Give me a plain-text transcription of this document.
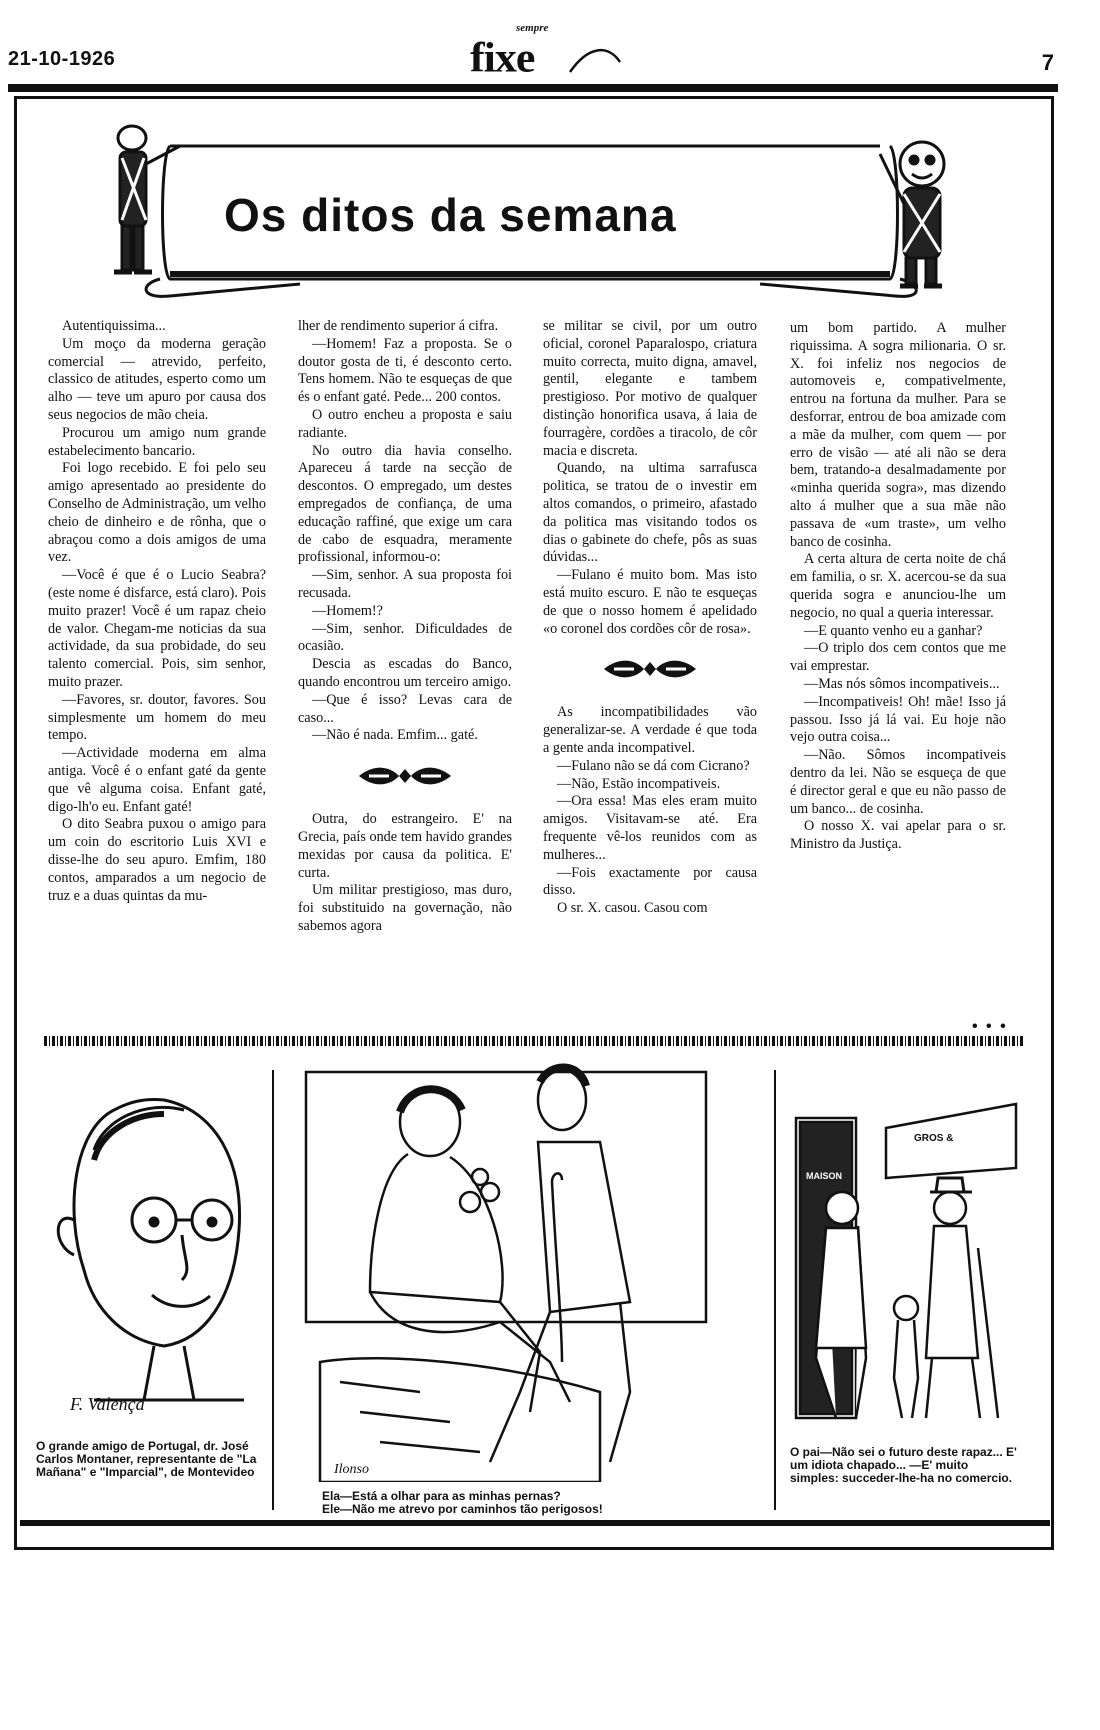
21-10-1926
sempre
fixe	7
Os ditos da semana

Autentiquissima...

Um moço da moderna geração comercial — atrevido, perfeito, classico de atitudes, esperto como um alho — teve um apuro por causa dos seus negocios de mão cheia.

Procurou um amigo num grande estabelecimento bancario.

Foi logo recebido. E foi pelo seu amigo apresentado ao presidente do Conselho de Administração, um velho cheio de dinheiro e de rônha, que o abraçou como a dois amigos de uma vez.

—Você é que é o Lucio Seabra? (este nome é disfarce, está claro). Pois muito prazer! Você é um rapaz cheio de valor. Chegam-me noticias da sua actividade, da sua probidade, do seu talento comercial. Pois, sim senhor, muito prazer.

—Favores, sr. doutor, favores. Sou simplesmente um homem do meu tempo.

—Actividade moderna em alma antiga. Você é o enfant gaté da gente que vê alguma coisa. Enfant gaté, digo-lh'o eu. Enfant gaté!

O dito Seabra puxou o amigo para um coin do escritorio Luis XVI e disse-lhe do seu apuro. Emfim, 180 contos, amparados a um negocio de truz e a duas quintas da mu-

lher de rendimento superior á cifra.

—Homem! Faz a proposta. Se o doutor gosta de ti, é desconto certo. Tens homem. Não te esqueças de que és o enfant gaté. Pede... 200 contos.

O outro encheu a proposta e saiu radiante.

No outro dia havia conselho. Apareceu á tarde na secção de descontos. O empregado, um destes empregados de confiança, de uma educação raffiné, que exige um cara de cabo de esquadra, meramente profissional, informou-o:

—Sim, senhor. A sua proposta foi recusada.

—Homem!?

—Sim, senhor. Dificuldades de ocasião.

Descia as escadas do Banco, quando encontrou um terceiro amigo.

—Que é isso? Levas cara de caso...

—Não é nada. Emfim... gaté.

Outra, do estrangeiro. E' na Grecia, país onde tem havido grandes mexidas por causa da politica. E' curta.

Um militar prestigioso, mas duro, foi substituido na governação, não sabemos agora

se militar se civil, por um outro oficial, coronel Paparalospo, criatura muito correcta, muito digna, amavel, gentil, elegante e tambem prestigioso. Por motivo de qualquer distinção honorifica usava, á laia de fourragère, cordões a tiracolo, de côr macia e discreta.

Quando, na ultima sarrafusca politica, se tratou de o investir em altos comandos, o primeiro, afastado da politica mas visitando todos os dias o gabinete do chefe, pôs as suas dúvidas...

—Fulano é muito bom. Mas isto está muito escuro. E não te esqueças de que o nosso homem é apelidado «o coronel dos cordões côr de rosa».

As incompatibilidades vão generalizar-se. A verdade é que toda a gente anda incompativel.

—Fulano não se dá com Cicrano?

—Não, Estão incompativeis.

—Ora essa! Mas eles eram muito amigos. Visitavam-se até. Era frequente vê-los reunidos com as mulheres...

—Fois exactamente por causa disso.

O sr. X. casou. Casou com

um bom partido. A mulher riquissima. A sogra milionaria. O sr. X. foi infeliz nos negocios de automoveis e, compativelmente, entrou na fortuna da mulher. Para se desforrar, entrou de boa amizade com a mãe da mulher, com quem — por erro de visão — até ali não se dera bem, tratando-a desalmadamente por «minha querida sogra», mas dizendo alto á mulher que a sua mãe não passava de «um traste», um velho banco de cosinha.

A certa altura de certa noite de chá em familia, o sr. X. acercou-se da sua querida sogra e anunciou-lhe um negocio, no qual a queria interessar.

—E quanto venho eu a ganhar?

—O triplo dos cem contos que me vai emprestar.

—Mas nós sômos incompativeis...

—Incompativeis! Oh! mãe! Isso já passou. Isso já lá vai. Eu hoje não vejo outra coisa...

—Não. Sômos incompativeis dentro da lei. Não se esqueça de que é director geral e que eu não passo de um banco... de cosinha.

O nosso X. vai apelar para o sr. Ministro da Justiça.

• • •
F. Valença
O grande amigo de Portugal, dr. José Carlos Montaner, representante de "La Mañana" e "Imparcial", de Montevideo	Ilonso
Ela—Está a olhar para as minhas pernas?
Ele—Não me atrevo por caminhos tão perigosos!
GROS &
MAISON
O pai—Não sei o futuro deste rapaz... E' um idiota chapado... —E' muito simples: succeder-lhe-ha no comercio.
